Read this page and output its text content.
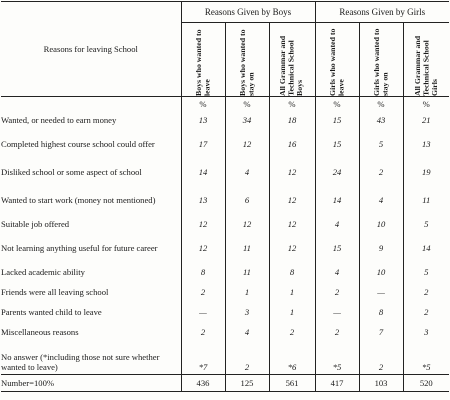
Reasons for leaving School	Reasons Given by Boys			Reasons Given by Girls		

	Boys who wanted to leave	Boys who wanted to stay on	All Grammar and Technical School Boys	Girls who wanted to leave	Girls who wanted to stay on	All Grammar and Technical School Girls

	%	%	%	%	%	%
Wanted, or needed to earn money	13	34	18	15	43	21
Completed highest course school could offer	17	12	16	15	5	13
Disliked school or some aspect of school	14	4	12	24	2	19
Wanted to start work (money not mentioned)	13	6	12	14	4	11
Suitable job offered	12	12	12	4	10	5
Not learning anything useful for future career	12	11	12	15	9	14
Lacked academic ability	8	11	8	4	10	5
Friends were all leaving school	2	1	1	2	—	2
Parents wanted child to leave	—	3	1	—	8	2
Miscellaneous reasons	2	4	2	2	7	3
No answer (*including those not sure whether wanted to leave)	*7	2	*6	*5	2	*5
Number=100%	436	125	561	417	103	520
